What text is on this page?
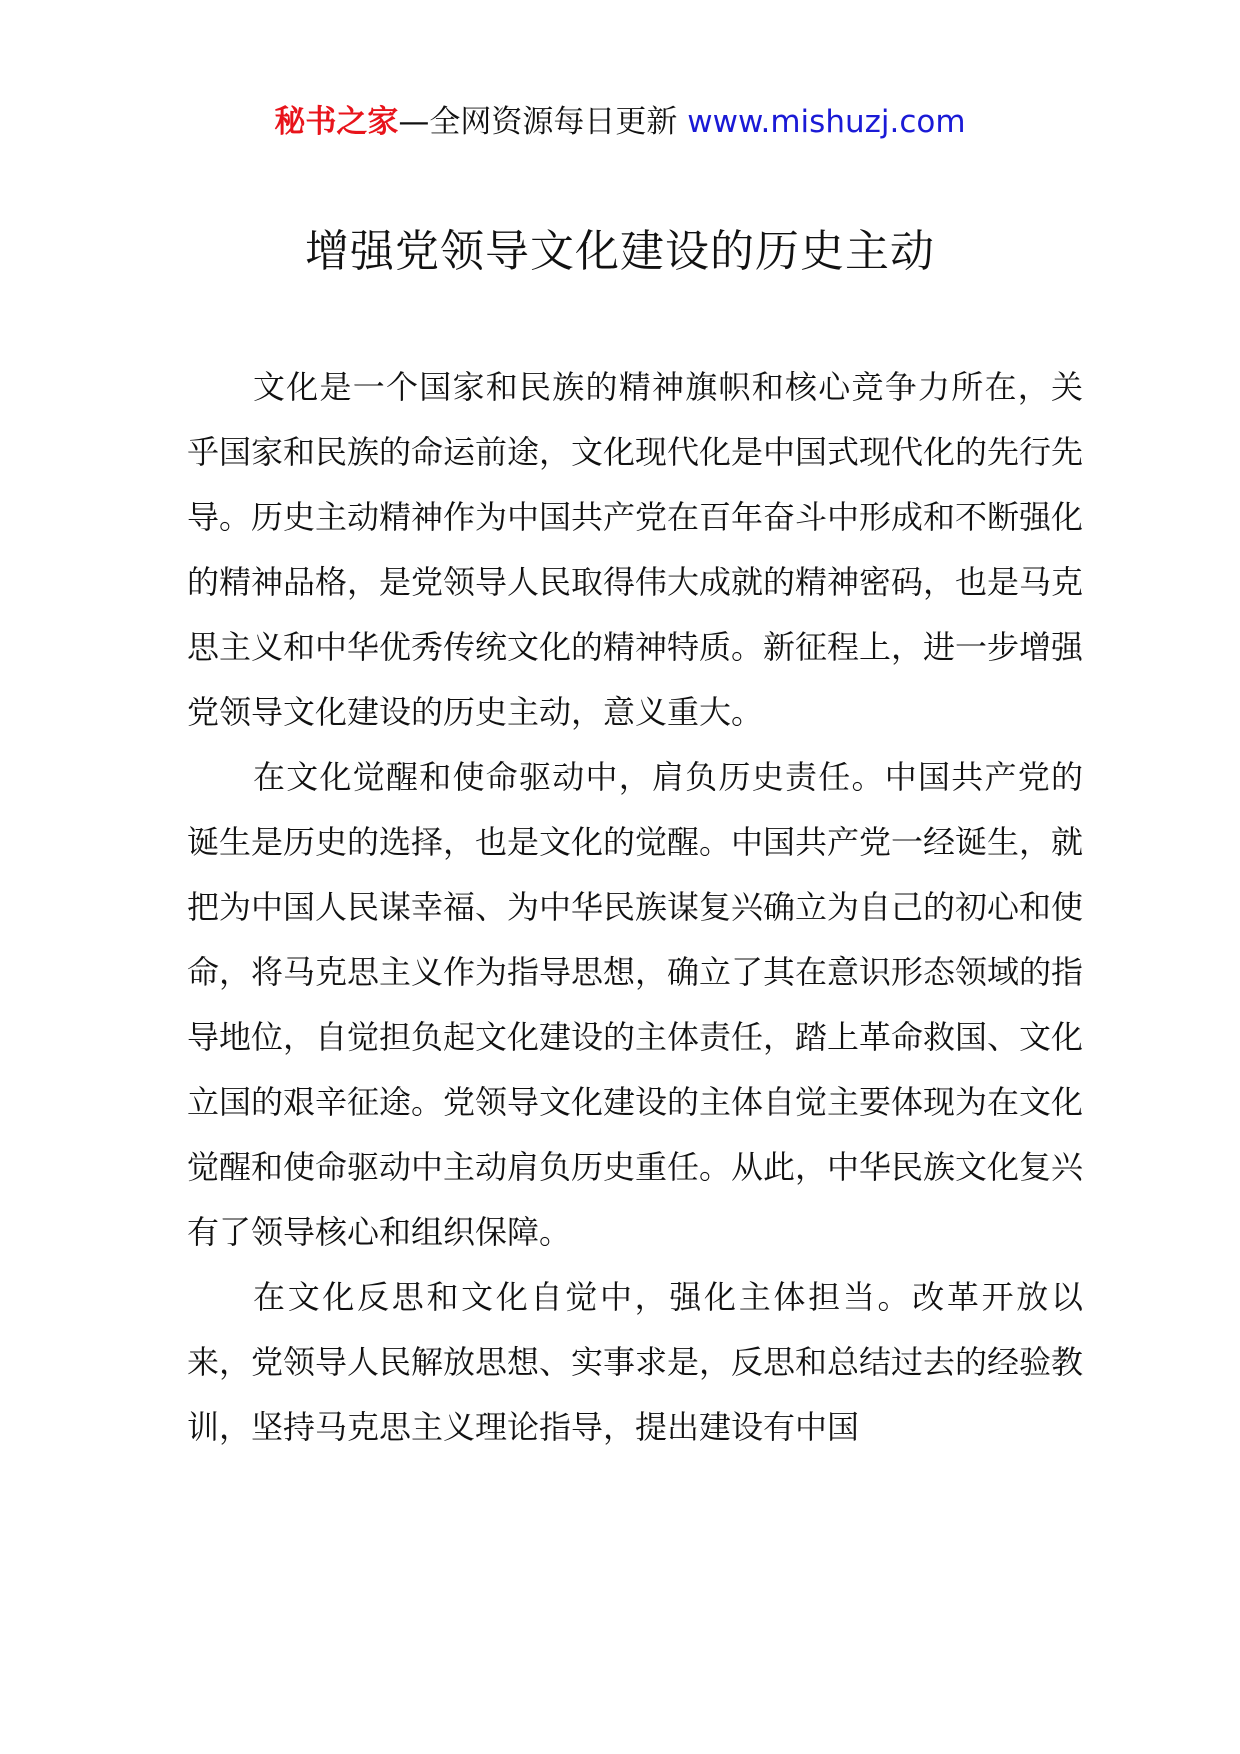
秘书之家—全网资源每日更新 www.mishuzj.com
增强党领导文化建设的历史主动

文化是一个国家和民族的精神旗帜和核心竞争力所在，关乎国家和民族的命运前途，文化现代化是中国式现代化的先行先导。历史主动精神作为中国共产党在百年奋斗中形成和不断强化的精神品格，是党领导人民取得伟大成就的精神密码，也是马克思主义和中华优秀传统文化的精神特质。新征程上，进一步增强党领导文化建设的历史主动，意义重大。

在文化觉醒和使命驱动中，肩负历史责任。中国共产党的诞生是历史的选择，也是文化的觉醒。中国共产党一经诞生，就把为中国人民谋幸福、为中华民族谋复兴确立为自己的初心和使命，将马克思主义作为指导思想，确立了其在意识形态领域的指导地位，自觉担负起文化建设的主体责任，踏上革命救国、文化立国的艰辛征途。党领导文化建设的主体自觉主要体现为在文化觉醒和使命驱动中主动肩负历史重任。从此，中华民族文化复兴有了领导核心和组织保障。

在文化反思和文化自觉中，强化主体担当。改革开放以来，党领导人民解放思想、实事求是，反思和总结过去的经验教训，坚持马克思主义理论指导，提出建设有中国
